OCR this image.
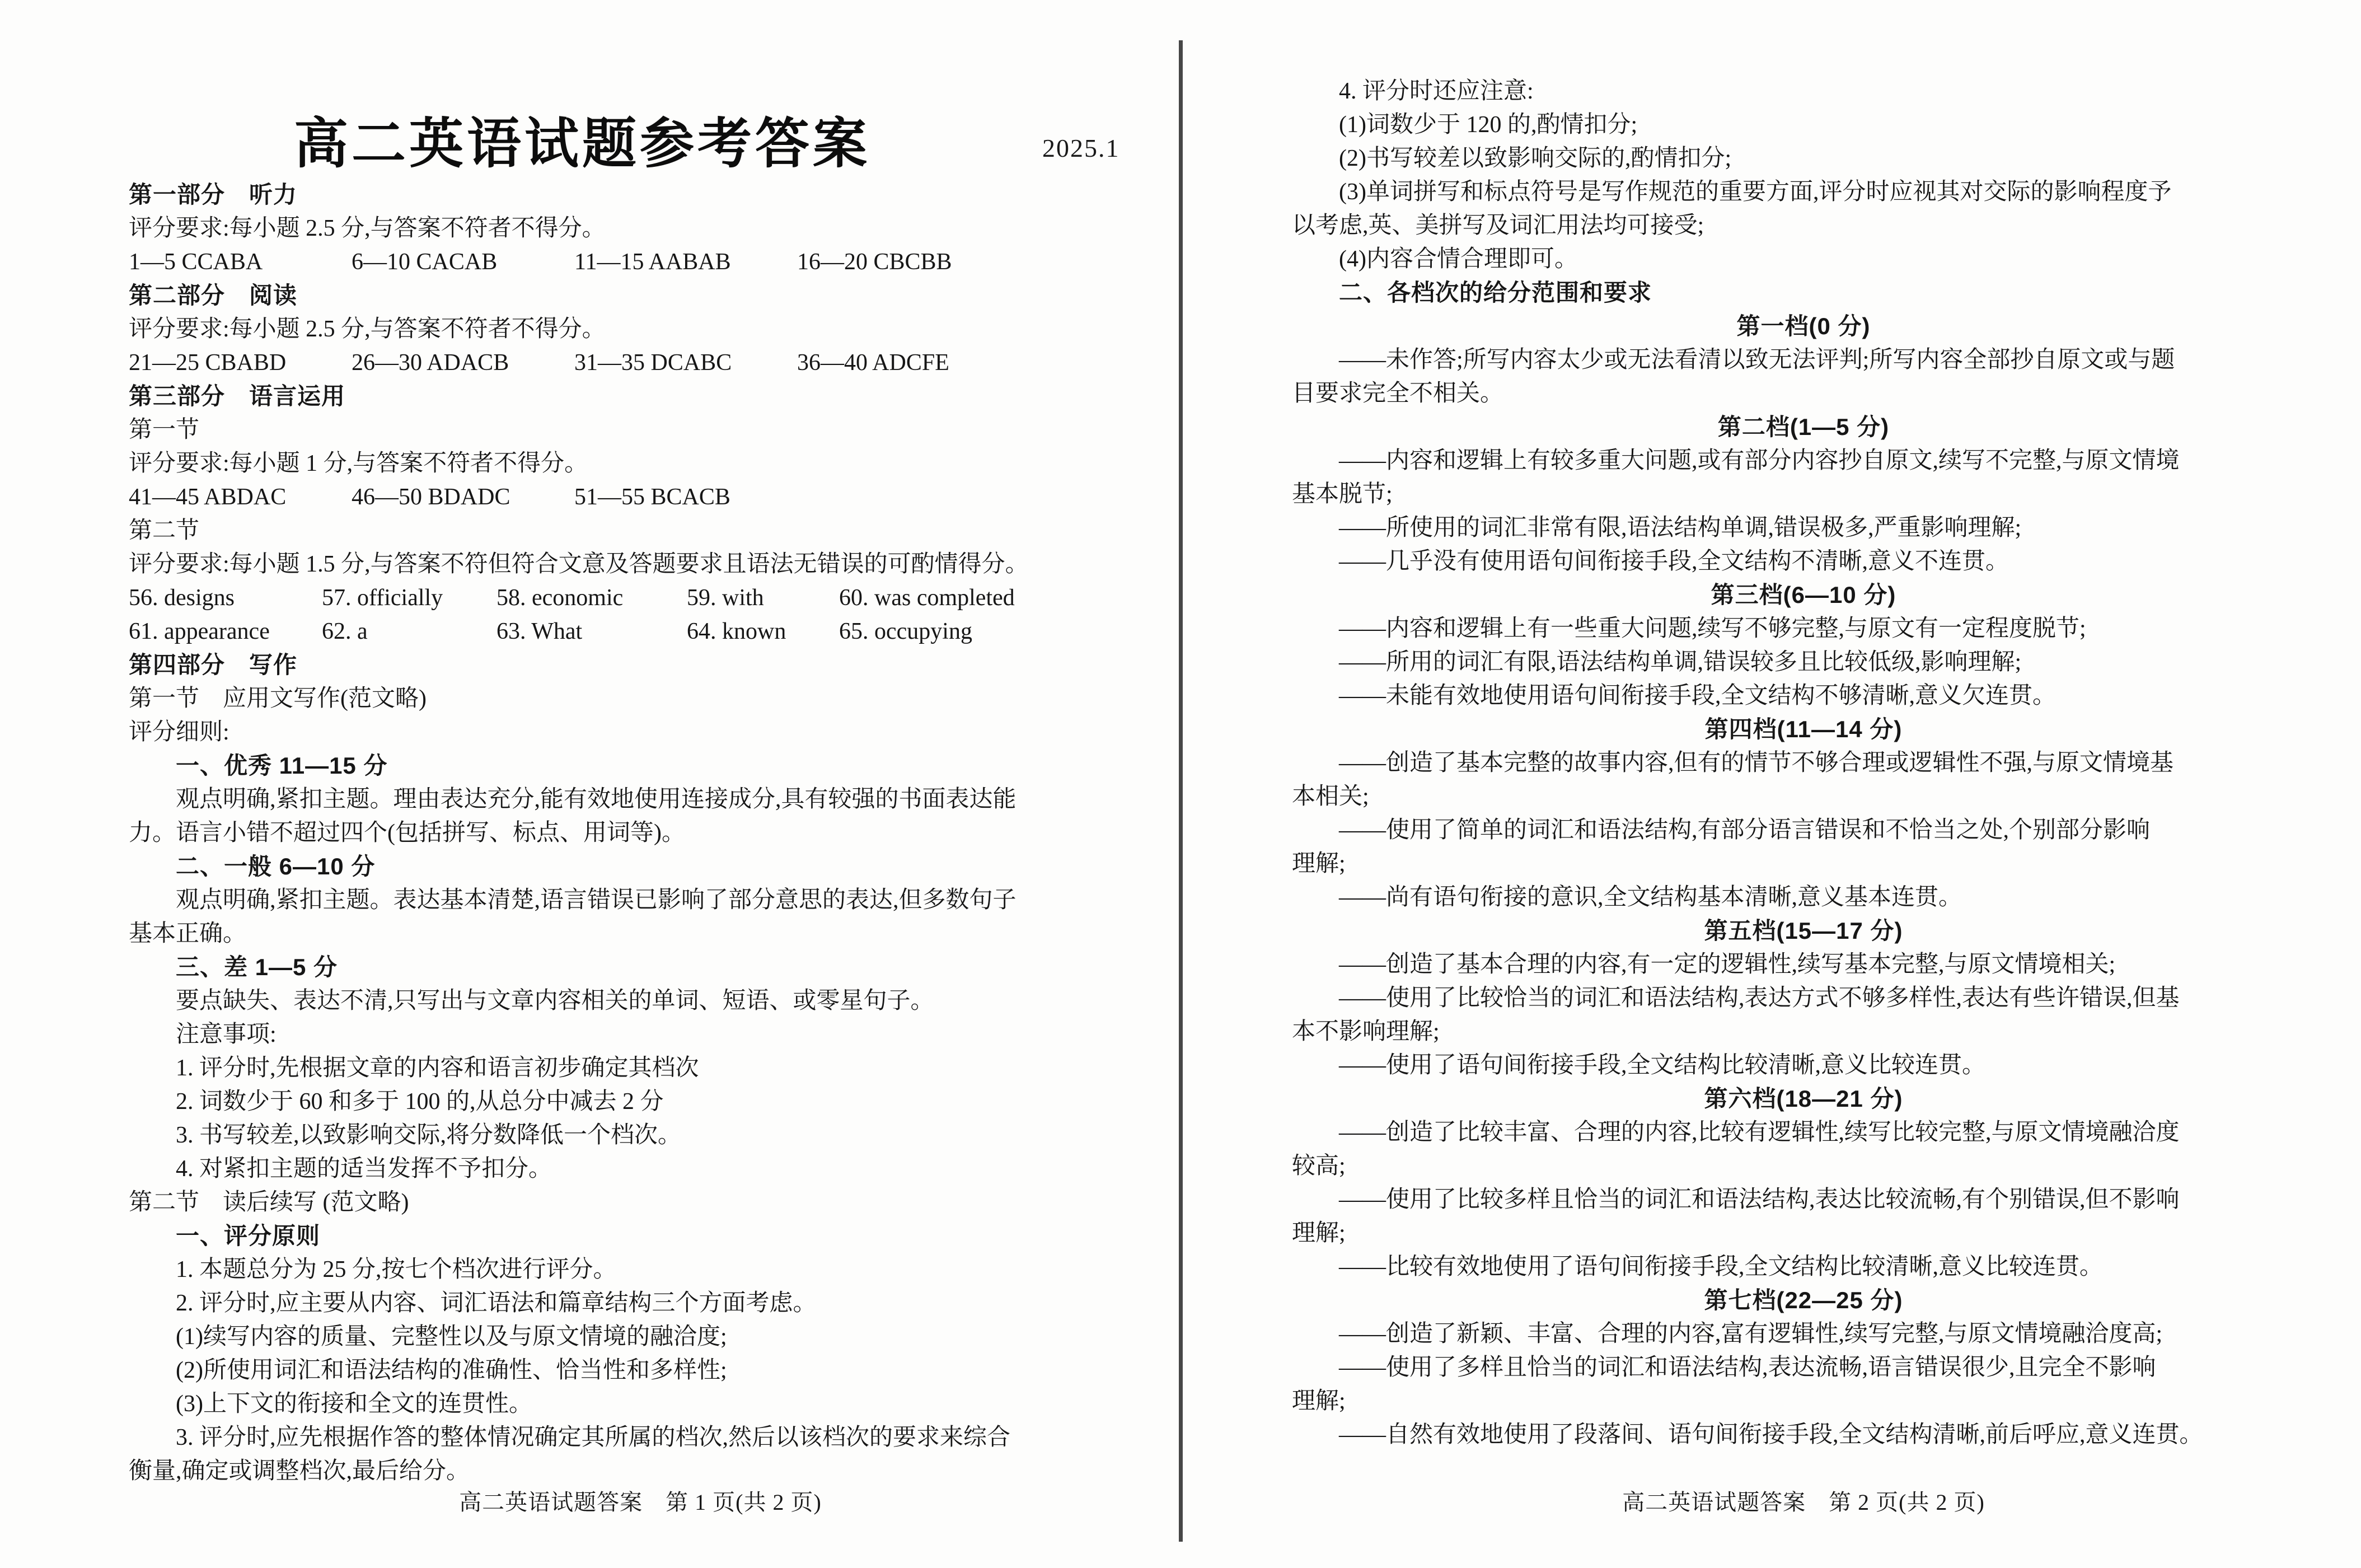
高二英语试题参考答案	2025.1
第一部分　听力
评分要求:每小题 2.5 分,与答案不符者不得分。
1—5 CCABA	6—10 CACAB	11—15 AABAB	16—20 CBCBB
第二部分　阅读
评分要求:每小题 2.5 分,与答案不符者不得分。
21—25 CBABD	26—30 ADACB	31—35 DCABC	36—40 ADCFE
第三部分　语言运用
第一节
评分要求:每小题 1 分,与答案不符者不得分。
41—45 ABDAC	46—50 BDADC	51—55 BCACB
第二节
评分要求:每小题 1.5 分,与答案不符但符合文意及答题要求且语法无错误的可酌情得分。
56. designs	57. officially 58. economic	59. with	60. was completed
61. appearance 62. a	63. What	64. known 65. occupying
第四部分　写作
第一节　应用文写作(范文略)
评分细则:
一、优秀 11—15 分
观点明确,紧扣主题。理由表达充分,能有效地使用连接成分,具有较强的书面表达能
力。语言小错不超过四个(包括拼写、标点、用词等)。
二、一般 6—10 分
观点明确,紧扣主题。表达基本清楚,语言错误已影响了部分意思的表达,但多数句子
基本正确。
三、差 1—5 分
要点缺失、表达不清,只写出与文章内容相关的单词、短语、或零星句子。
注意事项:
1. 评分时,先根据文章的内容和语言初步确定其档次
2. 词数少于 60 和多于 100 的,从总分中减去 2 分
3. 书写较差,以致影响交际,将分数降低一个档次。
4. 对紧扣主题的适当发挥不予扣分。
第二节　读后续写 (范文略)
一、评分原则
1. 本题总分为 25 分,按七个档次进行评分。
2. 评分时,应主要从内容、词汇语法和篇章结构三个方面考虑。
(1)续写内容的质量、完整性以及与原文情境的融洽度;
(2)所使用词汇和语法结构的准确性、恰当性和多样性;
(3)上下文的衔接和全文的连贯性。
3. 评分时,应先根据作答的整体情况确定其所属的档次,然后以该档次的要求来综合
衡量,确定或调整档次,最后给分。
4. 评分时还应注意:
(1)词数少于 120 的,酌情扣分;
(2)书写较差以致影响交际的,酌情扣分;
(3)单词拼写和标点符号是写作规范的重要方面,评分时应视其对交际的影响程度予
以考虑,英、美拼写及词汇用法均可接受;
(4)内容合情合理即可。
二、各档次的给分范围和要求
第一档(0 分)
——未作答;所写内容太少或无法看清以致无法评判;所写内容全部抄自原文或与题
目要求完全不相关。
第二档(1—5 分)
——内容和逻辑上有较多重大问题,或有部分内容抄自原文,续写不完整,与原文情境
基本脱节;
——所使用的词汇非常有限,语法结构单调,错误极多,严重影响理解;
——几乎没有使用语句间衔接手段,全文结构不清晰,意义不连贯。
第三档(6—10 分)
——内容和逻辑上有一些重大问题,续写不够完整,与原文有一定程度脱节;
——所用的词汇有限,语法结构单调,错误较多且比较低级,影响理解;
——未能有效地使用语句间衔接手段,全文结构不够清晰,意义欠连贯。
第四档(11—14 分)
——创造了基本完整的故事内容,但有的情节不够合理或逻辑性不强,与原文情境基
本相关;
——使用了简单的词汇和语法结构,有部分语言错误和不恰当之处,个别部分影响
理解;
——尚有语句衔接的意识,全文结构基本清晰,意义基本连贯。
第五档(15—17 分)
——创造了基本合理的内容,有一定的逻辑性,续写基本完整,与原文情境相关;
——使用了比较恰当的词汇和语法结构,表达方式不够多样性,表达有些许错误,但基
本不影响理解;
——使用了语句间衔接手段,全文结构比较清晰,意义比较连贯。
第六档(18—21 分)
——创造了比较丰富、合理的内容,比较有逻辑性,续写比较完整,与原文情境融洽度
较高;
——使用了比较多样且恰当的词汇和语法结构,表达比较流畅,有个别错误,但不影响
理解;
——比较有效地使用了语句间衔接手段,全文结构比较清晰,意义比较连贯。
第七档(22—25 分)
——创造了新颖、丰富、合理的内容,富有逻辑性,续写完整,与原文情境融洽度高;
——使用了多样且恰当的词汇和语法结构,表达流畅,语言错误很少,且完全不影响
理解;
——自然有效地使用了段落间、语句间衔接手段,全文结构清晰,前后呼应,意义连贯。
高二英语试题答案　第 1 页(共 2 页)	高二英语试题答案　第 2 页(共 2 页)
